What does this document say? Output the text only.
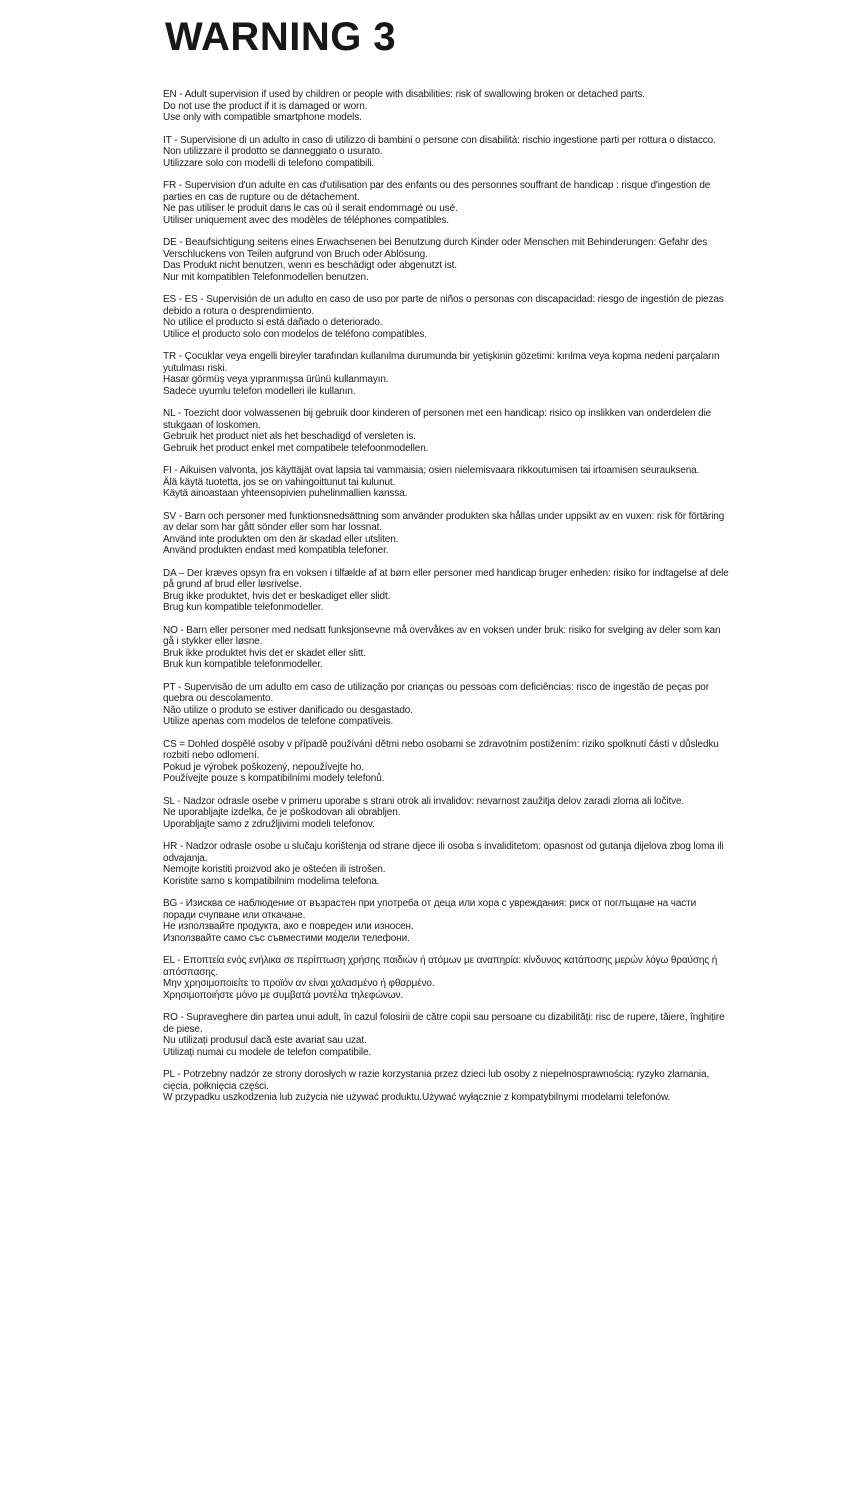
WARNING 3

EN - Adult supervision if used by children or people with disabilities: risk of swallowing broken or detached parts.
Do not use the product if it is damaged or worn.
Use only with compatible smartphone models.

IT - Supervisione di un adulto in caso di utilizzo di bambini o persone con disabilità: rischio ingestione parti per rottura o distacco.
Non utilizzare il prodotto se danneggiato o usurato.
Utilizzare solo con modelli di telefono compatibili.

FR - Supervision d'un adulte en cas d'utilisation par des enfants ou des personnes souffrant de handicap : risque d'ingestion de parties en cas de rupture ou de détachement.
Ne pas utiliser le produit dans le cas où il serait endommagé ou usé.
Utiliser uniquement avec des modèles de téléphones compatibles.

DE - Beaufsichtigung seitens eines Erwachsenen bei Benutzung durch Kinder oder Menschen mit Behinderungen: Gefahr des Verschluckens von Teilen aufgrund von Bruch oder Ablösung.
Das Produkt nicht benutzen, wenn es beschädigt oder abgenutzt ist.
Nur mit kompatiblen Telefonmodellen benutzen.

ES - ES - Supervisión de un adulto en caso de uso por parte de niños o personas con discapacidad: riesgo de ingestión de piezas debido a rotura o desprendimiento.
No utilice el producto si está dañado o deteriorado.
Utilice el producto solo con modelos de teléfono compatibles.

TR - Çocuklar veya engelli bireyler tarafından kullanılma durumunda bir yetişkinin gözetimi: kırılma veya kopma nedeni parçaların yutulması riski.
Hasar görmüş veya yıpranmışsa ürünü kullanmayın.
Sadece uyumlu telefon modelleri ile kullanın.

NL - Toezicht door volwassenen bij gebruik door kinderen of personen met een handicap: risico op inslikken van onderdelen die stukgaan of loskomen.
Gebruik het product niet als het beschadigd of versleten is.
Gebruik het product enkel met compatibele telefoonmodellen.

FI - Aikuisen valvonta, jos käyttäjät ovat lapsia tai vammaisia; osien nielemisvaara rikkoutumisen tai irtoamisen seurauksena.
Älä käytä tuotetta, jos se on vahingoittunut tai kulunut.
Käytä ainoastaan yhteensopivien puhelinmallien kanssa.

SV - Barn och personer med funktionsnedsättning som använder produkten ska hållas under uppsikt av en vuxen: risk för förtäring av delar som har gått sönder eller som har lossnat.
Använd inte produkten om den är skadad eller utsliten.
Använd produkten endast med kompatibla telefoner.

DA – Der kræves opsyn fra en voksen i tilfælde af at børn eller personer med handicap bruger enheden: risiko for indtagelse af dele på grund af brud eller løsrivelse.
Brug ikke produktet, hvis det er beskadiget eller slidt.
Brug kun kompatible telefonmodeller.

NO - Barn eller personer med nedsatt funksjonsevne må overvåkes av en voksen under bruk: risiko for svelging av deler som kan gå i stykker eller løsne.
Bruk ikke produktet hvis det er skadet eller slitt.
Bruk kun kompatible telefonmodeller.

PT - Supervisão de um adulto em caso de utilização por crianças ou pessoas com deficiências: risco de ingestão de peças por quebra ou descolamento.
Não utilize o produto se estiver danificado ou desgastado.
Utilize apenas com modelos de telefone compatíveis.

CS = Dohled dospělé osoby v případě používání dětmi nebo osobami se zdravotním postižením: riziko spolknutí částí v důsledku rozbití nebo odlomení.
Pokud je výrobek poškozený, nepoužívejte ho.
Používejte pouze s kompatibilními modely telefonů.

SL - Nadzor odrasle osebe v primeru uporabe s strani otrok ali invalidov: nevarnost zaužitja delov zaradi zloma ali ločitve.
Ne uporabljajte izdelka, če je poškodovan ali obrabljen.
Uporabljajte samo z združljivimi modeli telefonov.

HR - Nadzor odrasle osobe u slučaju korištenja od strane djece ili osoba s invaliditetom: opasnost od gutanja dijelova zbog loma ili odvajanja.
Nemojte koristiti proizvod ako je oštećen ili istrošen.
Koristite samo s kompatibilnim modelima telefona.

BG - Изисква се наблюдение от възрастен при употреба от деца или хора с увреждания: риск от поглъщане на части поради счупване или откачане.
Не използвайте продукта, ако е повреден или износен.
Използвайте само със съвместими модели телефони.

EL - Εποπτεία ενός ενήλικα σε περίπτωση χρήσης παιδιών ή ατόμων με αναπηρία: κίνδυνος κατάποσης μερών λόγω θραύσης ή απόσπασης.
Μην χρησιμοποιείτε το προϊόν αν είναι χαλασμένο ή φθαρμένο.
Χρησιμοποιήστε μόνο με συμβατά μοντέλα τηλεφώνων.

RO - Supraveghere din partea unui adult, în cazul folosirii de către copii sau persoane cu dizabilități: risc de rupere, tăiere, înghițire de piese.
Nu utilizați produsul dacă este avariat sau uzat.
Utilizați numai cu modele de telefon compatibile.

PL - Potrzebny nadzór ze strony dorosłych w razie korzystania przez dzieci lub osoby z niepełnosprawnością: ryzyko złamania, cięcia, połknięcia części.
W przypadku uszkodzenia lub zużycia nie używać produktu.Używać wyłącznie z kompatybilnymi modelami telefonów.
